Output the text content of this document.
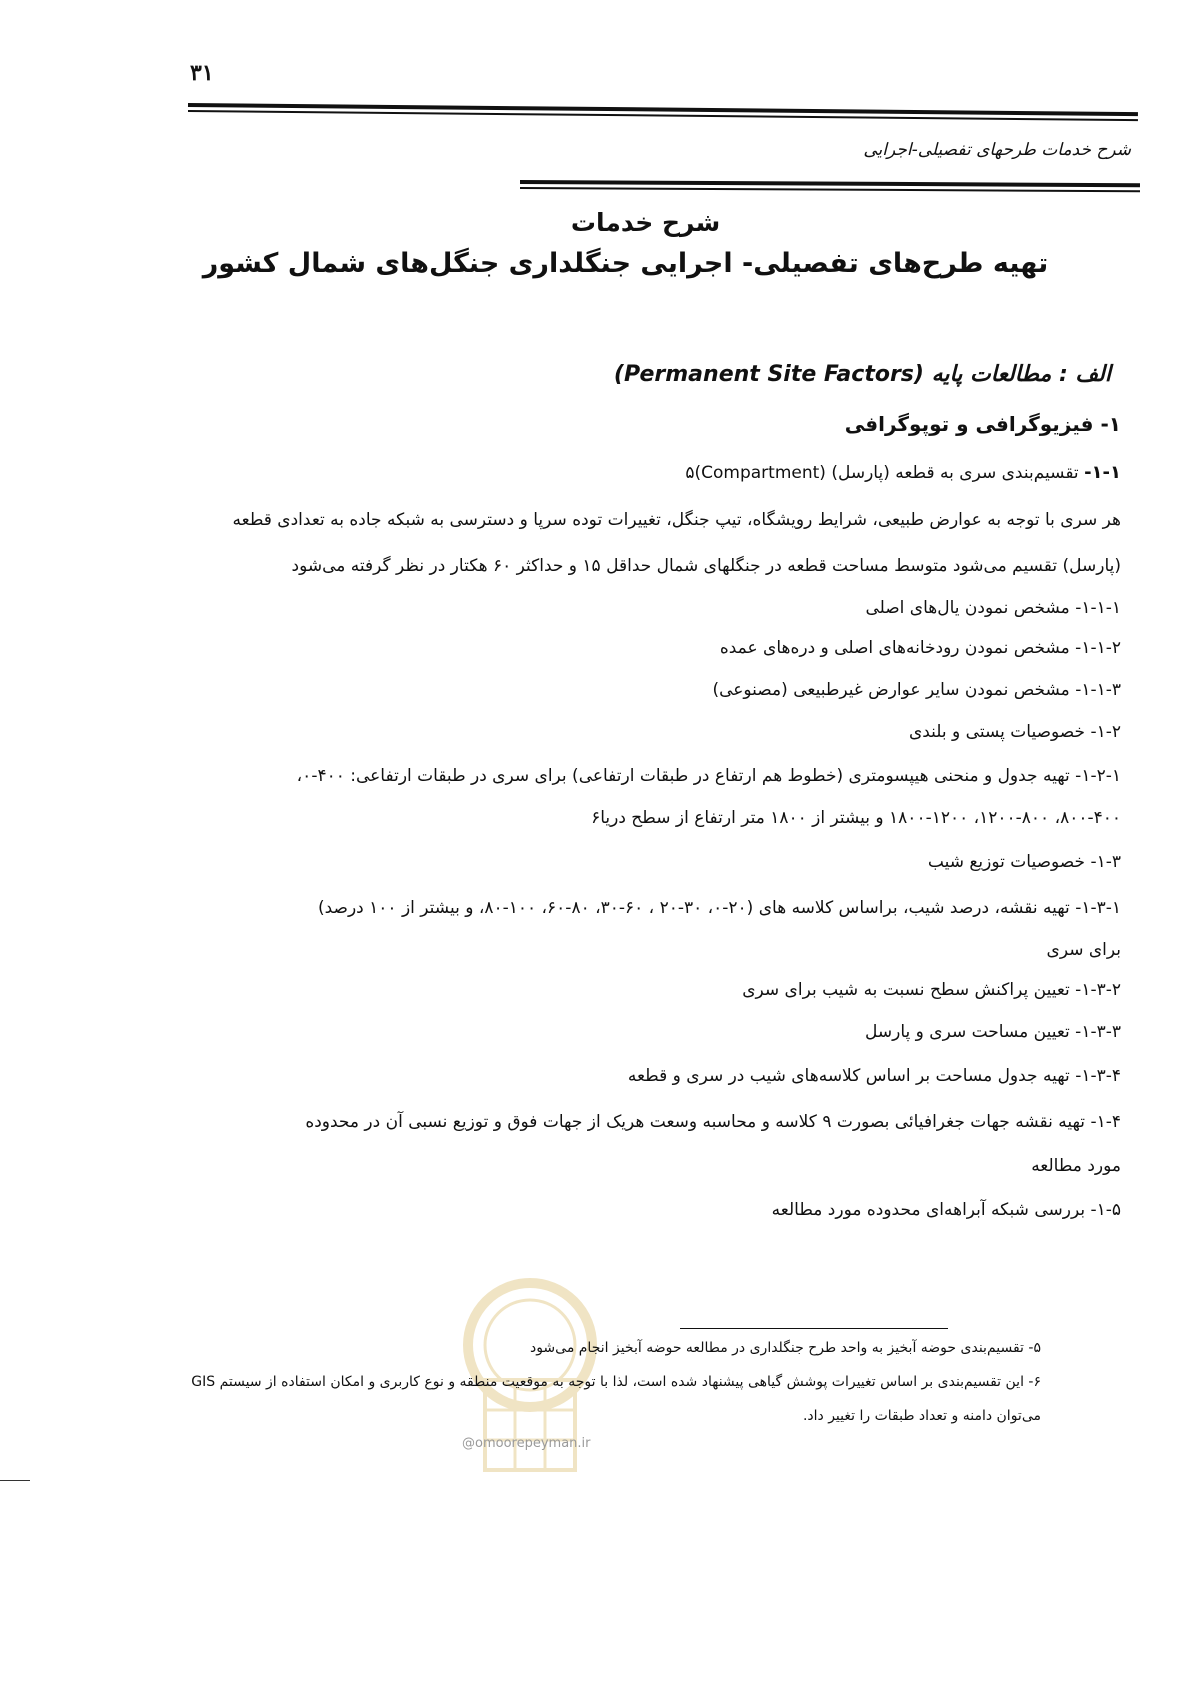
۳۱
شرح خدمات طرحهای تفصیلی-اجرایی
شرح خدمات
تهیه طرح‌های تفصیلی- اجرایی جنگلداری جنگل‌های شمال کشور
الف : مطالعات پایه (Permanent Site Factors)
۱- فیزیوگرافی و توپوگرافی
۱-۱- تقسیم‌بندی سری به قطعه (پارسل) (Compartment)۵
هر سری با توجه به عوارض طبیعی، شرایط رویشگاه، تیپ جنگل، تغییرات توده سرپا و دسترسی به شبکه جاده به تعدادی قطعه
(پارسل) تقسیم می‌شود متوسط مساحت قطعه در جنگلهای شمال حداقل ۱۵ و حداکثر ۶۰ هکتار در نظر گرفته می‌شود
۱-۱-۱- مشخص نمودن یال‌های اصلی
۱-۱-۲- مشخص نمودن رودخانه‌های اصلی و دره‌های عمده
۱-۱-۳- مشخص نمودن سایر عوارض غیرطبیعی (مصنوعی)
۱-۲- خصوصیات پستی و بلندی
۱-۲-۱- تهیه جدول و منحنی هیپسومتری (خطوط هم ارتفاع در طبقات ارتفاعی) برای سری در طبقات ارتفاعی: ۴۰۰-۰،
۸۰۰-۴۰۰، ۱۲۰۰-۸۰۰، ۱۸۰۰-۱۲۰۰ و بیشتر از ۱۸۰۰ متر ارتفاع از سطح دریا۶
۱-۳- خصوصیات توزیع شیب
۱-۳-۱- تهیه نقشه، درصد شیب، براساس کلاسه های (۲۰-۰، ۳۰-۲۰ ، ۶۰-۳۰، ۸۰-۶۰، ۱۰۰-۸۰، و بیشتر از ۱۰۰ درصد)
برای سری
۱-۳-۲- تعیین پراکنش سطح نسبت به شیب برای سری
۱-۳-۳- تعیین مساحت سری و پارسل
۱-۳-۴- تهیه جدول مساحت بر اساس کلاسه‌های شیب در سری و قطعه
۱-۴- تهیه نقشه جهات جغرافیائی بصورت ۹ کلاسه و محاسبه وسعت هریک از جهات فوق و توزیع نسبی آن در محدوده
مورد مطالعه
۱-۵- بررسی شبکه آبراهه‌ای محدوده مورد مطالعه
@omoorepeyman.ir
۵- تقسیم‌بندی حوضه آبخیز به واحد طرح جنگلداری در مطالعه حوضه آبخیز انجام می‌شود
۶- این تقسیم‌بندی بر اساس تغییرات پوشش گیاهی پیشنهاد شده است، لذا با توجه به موقعیت منطقه و نوع کاربری و امکان استفاده از سیستم GIS
می‌توان دامنه و تعداد طبقات را تغییر داد.
